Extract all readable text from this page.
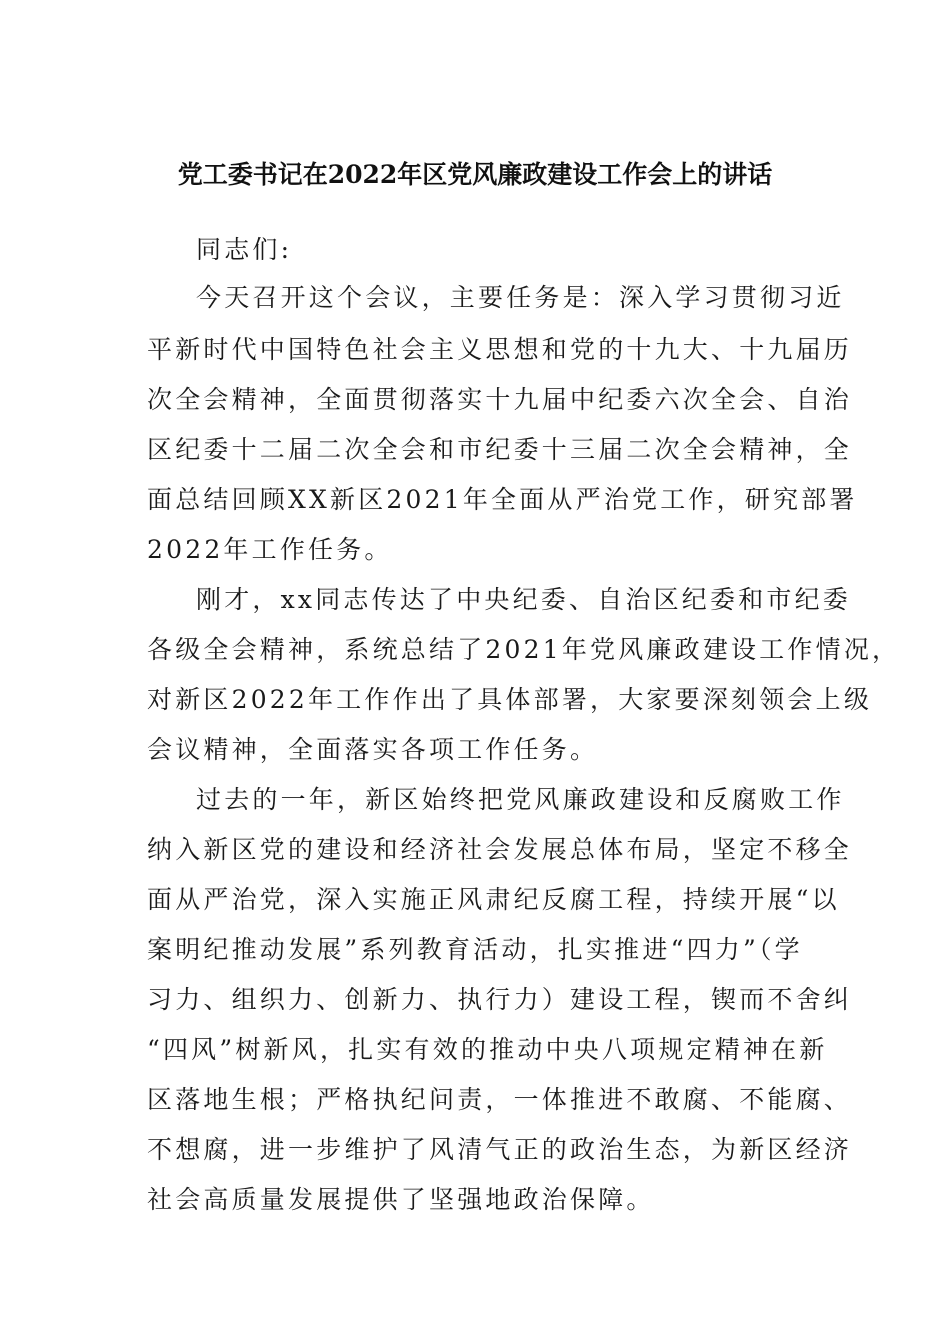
党工委书记在2022年区党风廉政建设工作会上的讲话
同志们:
今天召开这个会议，主要任务是：深入学习贯彻习近
平新时代中国特色社会主义思想和党的十九大、十九届历
次全会精神，全面贯彻落实十九届中纪委六次全会、自治
区纪委十二届二次全会和市纪委十三届二次全会精神，全
面总结回顾XX新区2021年全面从严治党工作，研究部署
2022年工作任务。
刚才，xx同志传达了中央纪委、自治区纪委和市纪委
各级全会精神，系统总结了2021年党风廉政建设工作情况，
对新区2022年工作作出了具体部署，大家要深刻领会上级
会议精神，全面落实各项工作任务。
过去的一年，新区始终把党风廉政建设和反腐败工作
纳入新区党的建设和经济社会发展总体布局，坚定不移全
面从严治党，深入实施正风肃纪反腐工程，持续开展“以
案明纪推动发展”系列教育活动，扎实推进“四力”（学
习力、组织力、创新力、执行力）建设工程，锲而不舍纠
“四风”树新风，扎实有效的推动中央八项规定精神在新
区落地生根；严格执纪问责，一体推进不敢腐、不能腐、
不想腐，进一步维护了风清气正的政治生态，为新区经济
社会高质量发展提供了坚强地政治保障。
